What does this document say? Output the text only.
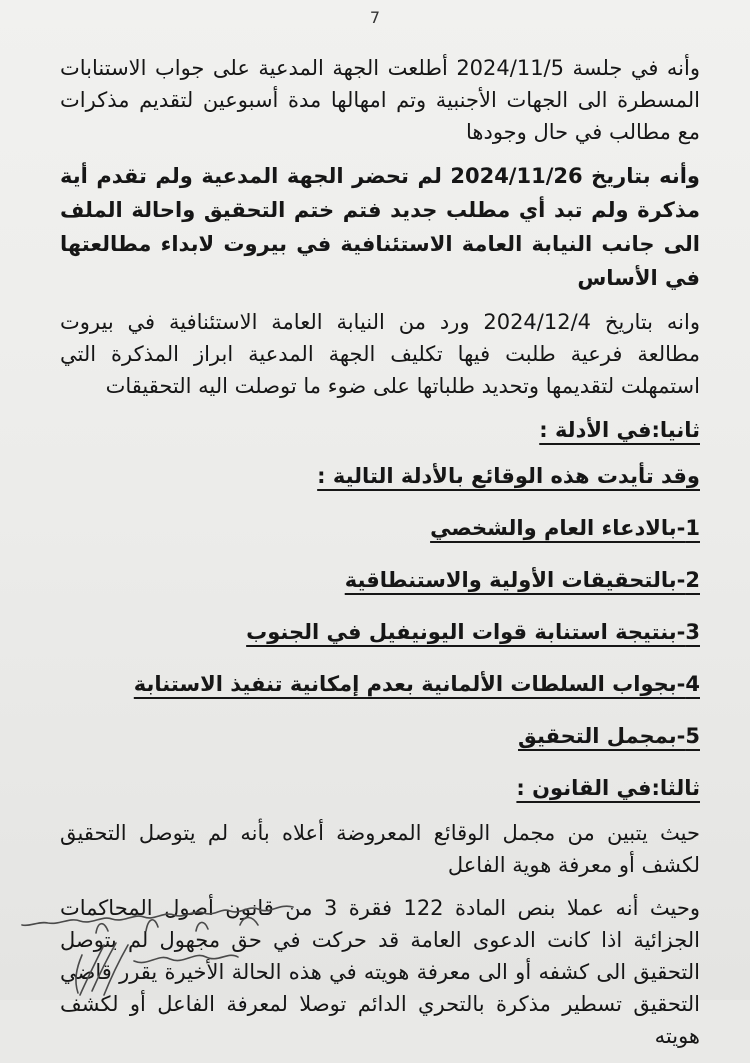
7

وأنه في جلسة 2024/11/5 أطلعت الجهة المدعية على جواب الاستنابات المسطرة الى الجهات الأجنبية وتم امهالها مدة أسبوعين لتقديم مذكرات مع مطالب في حال وجودها

وأنه بتاريخ 2024/11/26 لم تحضر الجهة المدعية ولم تقدم أية مذكرة ولم تبد أي مطلب جديد فتم ختم التحقيق واحالة الملف الى جانب النيابة العامة الاستئنافية في بيروت لابداء مطالعتها في الأساس

وانه بتاريخ 2024/12/4 ورد من النيابة العامة الاستئنافية في بيروت مطالعة فرعية طلبت فيها تكليف الجهة المدعية ابراز المذكرة التي استمهلت لتقديمها وتحديد طلباتها على ضوء ما توصلت اليه التحقيقات

ثانيا:في الأدلة :
وقد تأيدت هذه الوقائع بالأدلة التالية :
1-بالادعاء العام والشخصي
2-بالتحقيقات الأولية والاستنطاقية
3-بنتيجة استنابة قوات اليونيفيل في الجنوب
4-بجواب السلطات الألمانية بعدم إمكانية تنفيذ الاستنابة
5-بمجمل التحقيق
ثالثا:في القانون :

حيث يتبين من مجمل الوقائع المعروضة أعلاه بأنه لم يتوصل التحقيق لكشف أو معرفة هوية الفاعل

وحيث أنه عملا بنص المادة 122 فقرة 3 من قانون أصول المحاكمات الجزائية اذا كانت الدعوى العامة قد حركت في حق مجهول لم يتوصل التحقيق الى كشفه أو الى معرفة هويته في هذه الحالة الأخيرة يقرر قاضي التحقيق تسطير مذكرة بالتحري الدائم توصلا لمعرفة الفاعل أو لكشف هويته
